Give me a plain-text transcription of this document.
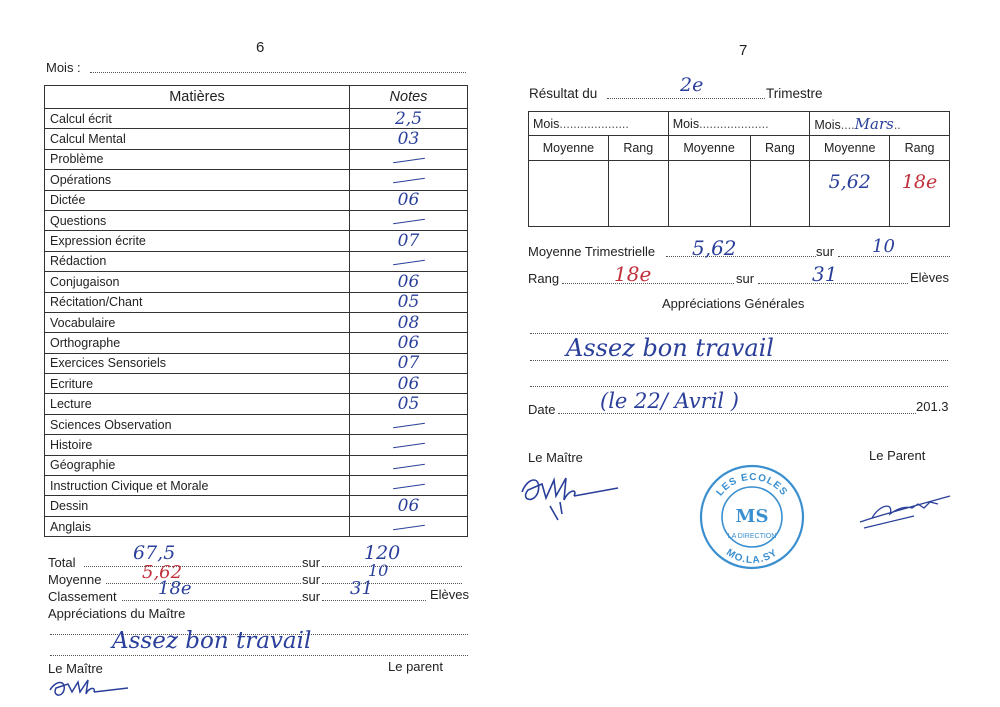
6
Mois :
Matières	Notes
Calcul écrit	2,5
Calcul Mental	03
Problème	
Opérations	
Dictée	06
Questions	
Expression écrite	07
Rédaction	
Conjugaison	06
Récitation/Chant	05
Vocabulaire	08
Orthographe	06
Exercices Sensoriels	07
Ecriture	06
Lecture	05
Sciences Observation	
Histoire	
Géographie	
Instruction Civique et Morale	
Dessin	06
Anglais	
Total	67,5	sur 120
Moyenne 5,62	sur	10
Classement 18e	sur 31	Elèves
Appréciations du Maître
Assez bon travail
Le Maître	Le parent
7
Résultat du	2e	Trimestre
Mois....................		Mois....................		Mois....Mars..	
Moyenne	Rang	Moyenne	Rang	Moyenne	Rang
				5,62	18e
Moyenne Trimestrielle 5,62	sur 10
Rang	18e	sur	31	Elèves
Appréciations Générales
Assez bon travail
Date (le 22/ Avril )	201.3
Le Maître	Le Parent
LES ECOLES
MO.LA.SY
MS
LA DIRECTION
